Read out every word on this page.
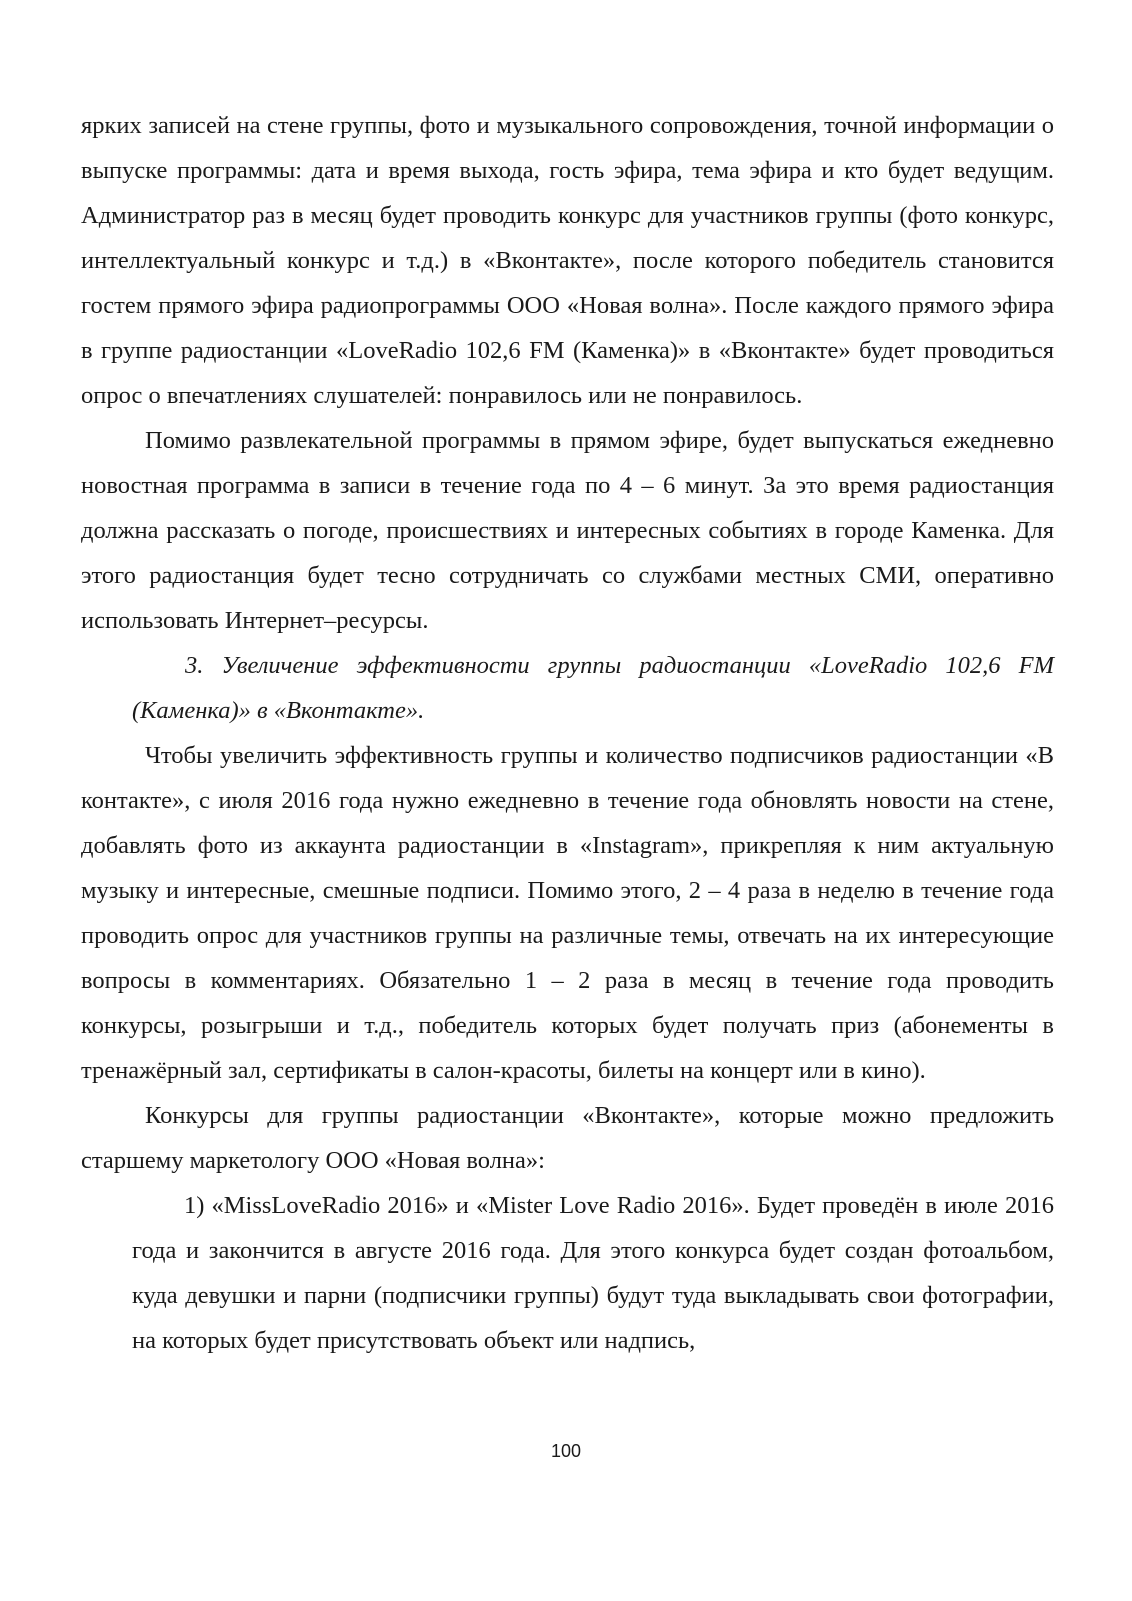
ярких записей на стене группы, фото и музыкального сопровождения, точной информации о выпуске программы: дата и время выхода, гость эфира, тема эфира и кто будет ведущим. Администратор раз в месяц будет проводить конкурс для участников группы (фото конкурс, интеллектуальный конкурс и т.д.) в «Вконтакте», после которого победитель становится гостем прямого эфира радиопрограммы ООО «Новая волна». После каждого прямого эфира в группе радиостанции «LoveRadio 102,6 FM (Каменка)» в «Вконтакте» будет проводиться опрос о впечатлениях слушателей: понравилось или не понравилось.

Помимо развлекательной программы в прямом эфире, будет выпускаться ежедневно новостная программа в записи в течение года по 4 – 6 минут. За это время радиостанция должна рассказать о погоде, происшествиях и интересных событиях в городе Каменка. Для этого радиостанция будет тесно сотрудничать со службами местных СМИ, оперативно использовать Интернет–ресурсы.

3. Увеличение эффективности группы радиостанции «LoveRadio 102,6 FM (Каменка)» в «Вконтакте».

Чтобы увеличить эффективность группы и количество подписчиков радиостанции «В контакте», с июля 2016 года нужно ежедневно в течение года обновлять новости на стене, добавлять фото из аккаунта радиостанции в «Instagram», прикрепляя к ним актуальную музыку и интересные, смешные подписи. Помимо этого, 2 – 4 раза в неделю в течение года проводить опрос для участников группы на различные темы, отвечать на их интересующие вопросы в комментариях. Обязательно 1 – 2 раза в месяц в течение года проводить конкурсы, розыгрыши и т.д., победитель которых будет получать приз (абонементы в тренажёрный зал, сертификаты в салон-красоты, билеты на концерт или в кино).

Конкурсы для группы радиостанции «Вконтакте», которые можно предложить старшему маркетологу ООО «Новая волна»:

1) «MissLoveRadio 2016» и «Mister Love Radio 2016». Будет проведён в июле 2016 года и закончится в августе 2016 года. Для этого конкурса будет создан фотоальбом, куда девушки и парни (подписчики группы) будут туда выкладывать свои фотографии, на которых будет присутствовать объект или надпись,

100
